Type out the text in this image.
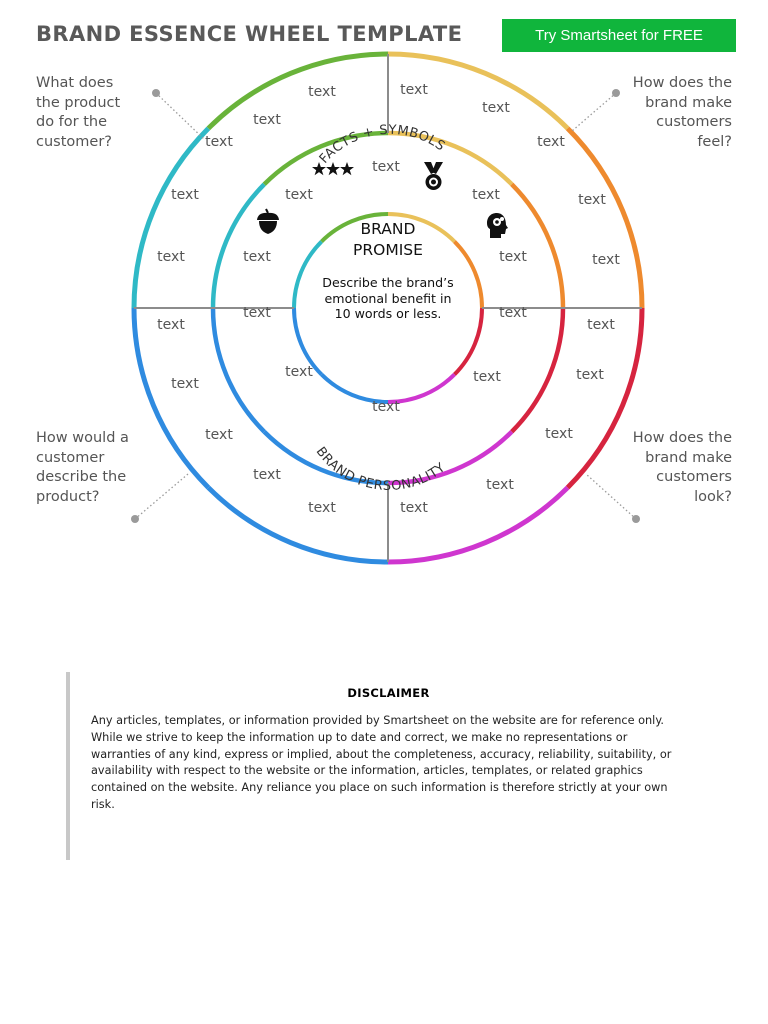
BRAND ESSENCE WHEEL TEMPLATE	Try Smartsheet for FREE

What does
the product
do for the
customer?

How does the
brand make
customers
feel?

How would a
customer
describe the
product?

How does the
brand make
customers
look?

BRAND
PROMISE
Describe the brand’s
emotional benefit in
10 words or less.
FACTS + SYMBOLS
BRAND PERSONALITY
text	text
text
text
text	text
text
text	text	text	text
text	text	text	text
text	text
text	text
text	text
text
text
text
text	text
text
text
text	text

DISCLAIMER

Any articles, templates, or information provided by Smartsheet on the website are for reference only. While we strive to keep the information up to date and correct, we make no representations or warranties of any kind, express or implied, about the completeness, accuracy, reliability, suitability, or availability with respect to the website or the information, articles, templates, or related graphics contained on the website. Any reliance you place on such information is therefore strictly at your own risk.
